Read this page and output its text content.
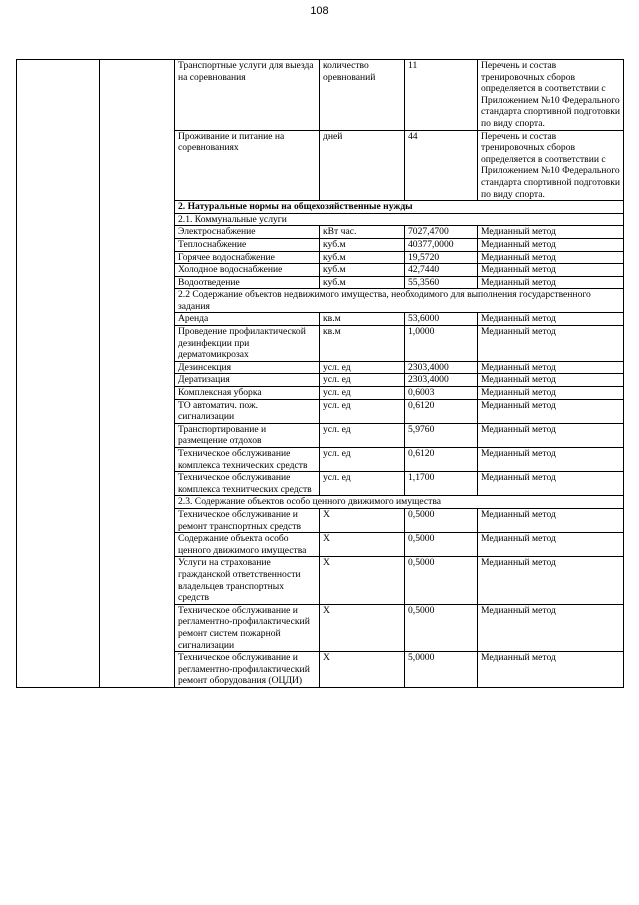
108
		Транспортные услуги для выезда на соревнования	количество оревнований	11	Перечень и состав тренировочных сборов определяется в соответствии с Приложением №10 Федерального стандарта спортивной подготовки по виду спорта.
		Проживание и питание на соревнованиях	дней	44	Перечень и состав тренировочных сборов определяется в соответствии с Приложением №10 Федерального стандарта спортивной подготовки по виду спорта.
		2. Натуральные нормы на общехозяйственные нужды			
		2.1. Коммунальные услуги			
		Электроснабжение	кВт час.	7027,4700	Медианный метод
		Теплоснабжение	куб.м	40377,0000	Медианный метод
		Горячее водоснабжение	куб.м	19,5720	Медианный метод
		Холодное водоснабжение	куб.м	42,7440	Медианный метод
		Водоотведение	куб.м	55,3560	Медианный метод
		2.2 Содержание объектов недвижимого имущества, необходимого для выполнения государственного задания			
		Аренда	кв.м	53,6000	Медианный метод
		Проведение профилактической дезинфекции при дерматомикрозах	кв.м	1,0000	Медианный метод
		Дезинсекция	усл. ед	2303,4000	Медианный метод
		Дератизация	усл. ед	2303,4000	Медианный метод
		Комплексная уборка	усл. ед	0,6003	Медианный метод
		ТО автоматич. пож. сигнализации	усл. ед	0,6120	Медианный метод
		Транспортирование и размещение отдохов	усл. ед	5,9760	Медианный метод
		Техническое обслуживание комплекса технических средств	усл. ед	0,6120	Медианный метод
		Техническое обслуживание комплекса технитческих средств	усл. ед	1,1700	Медианный метод
		2.3. Содержание объектов особо ценного движимого имущества			
		Техническое обслуживание и ремонт транспортных средств	Х	0,5000	Медианный метод
		Содержание объекта особо ценного движимого имущества	Х	0,5000	Медианный метод
		Услуги на страхование гражданской ответственности владельцев транспортных средств	Х	0,5000	Медианный метод
		Техническое обслуживание и регламентно-профилактический ремонт систем пожарной сигнализации	Х	0,5000	Медианный метод
		Техническое обслуживание и регламентно-профилактический ремонт оборудования (ОЦДИ)	Х	5,0000	Медианный метод
